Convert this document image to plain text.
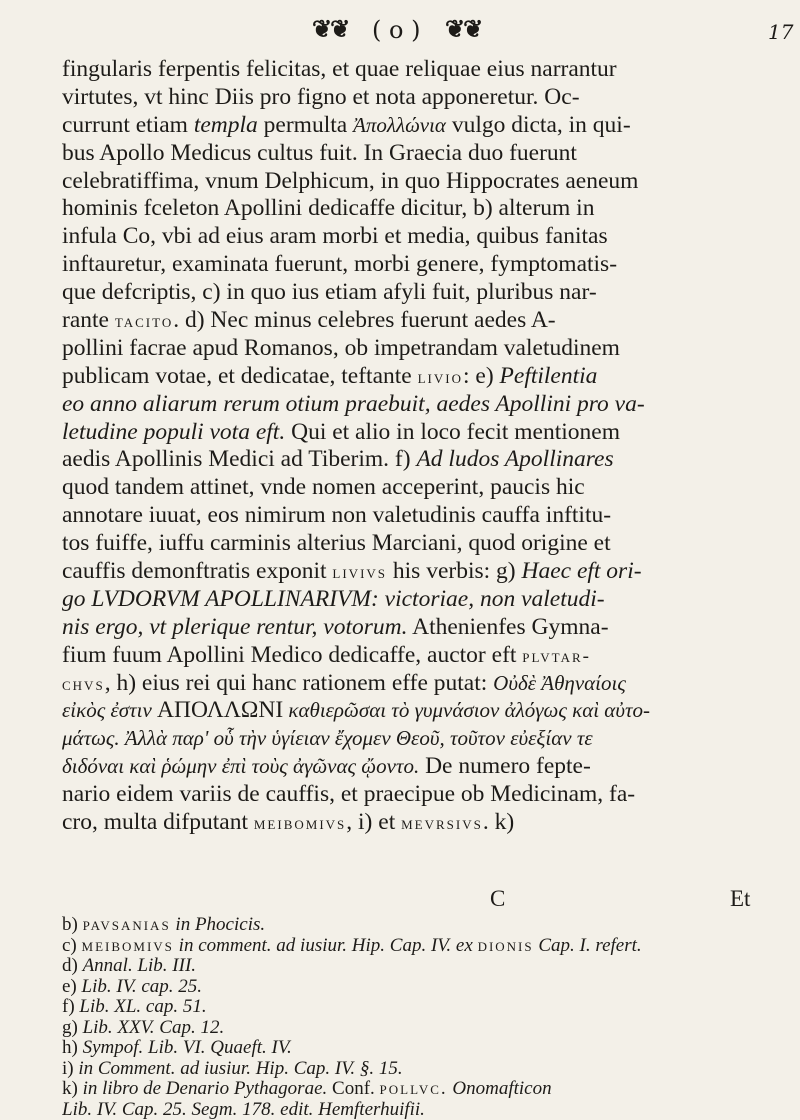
❦❦ ( o ) ❦❦	17
fingularis ferpentis felicitas, et quae reliquae eius narrantur
virtutes, vt hinc Diis pro figno et nota apponeretur. Oc-
currunt etiam templa permulta Ἀπολλώνια vulgo dicta, in qui-
bus Apollo Medicus cultus fuit. In Graecia duo fuerunt
celebratiffima, vnum Delphicum, in quo Hippocrates aeneum
hominis fceleton Apollini dedicaffe dicitur, b) alterum in
infula Co, vbi ad eius aram morbi et media, quibus fanitas
inftauretur, examinata fuerunt, morbi genere, fymptomatis-
que defcriptis, c) in quo ius etiam afyli fuit, pluribus nar-
rante tacito. d) Nec minus celebres fuerunt aedes A-
pollini facrae apud Romanos, ob impetrandam valetudinem
publicam votae, et dedicatae, teftante livio: e) Peftilentia
eo anno aliarum rerum otium praebuit, aedes Apollini pro va-
letudine populi vota eft. Qui et alio in loco fecit mentionem
aedis Apollinis Medici ad Tiberim. f) Ad ludos Apollinares
quod tandem attinet, vnde nomen acceperint, paucis hic
annotare iuuat, eos nimirum non valetudinis cauffa inftitu-
tos fuiffe, iuffu carminis alterius Marciani, quod origine et
cauffis demonftratis exponit livivs his verbis: g) Haec eft ori-
go LVDORVM APOLLINARIVM: victoriae, non valetudi-
nis ergo, vt plerique rentur, votorum. Athenienfes Gymna-
fium fuum Apollini Medico dedicaffe, auctor eft plvtar-
chvs, h) eius rei qui hanc rationem effe putat: Οὐδὲ Ἀθηναίοις
εἰκὸς ἐστιν ΑΠΟΛΛΩΝΙ καθιερῶσαι τὸ γυμνάσιον ἀλόγως καὶ αὐτο-
μάτως. Ἀλλὰ παρ' οὗ τὴν ὑγίειαν ἔχομεν Θεοῦ, τοῦτον εὐεξίαν τε
διδόναι καὶ ῥώμην ἐπὶ τοὺς ἀγῶνας ᾤοντο. De numero fepte-
nario eidem variis de cauffis, et praecipue ob Medicinam, fa-
cro, multa difputant meibomivs, i) et mevrsivs. k)
C	Et
b) pavsanias in Phocicis.
c) meibomivs in comment. ad iusiur. Hip. Cap. IV. ex dionis Cap. I. refert.
d) Annal. Lib. III.
e) Lib. IV. cap. 25.
f) Lib. XL. cap. 51.
g) Lib. XXV. Cap. 12.
h) Sympof. Lib. VI. Quaeft. IV.
i) in Comment. ad iusiur. Hip. Cap. IV. §. 15.
k) in libro de Denario Pythagorae. Conf. pollvc. Onomafticon
Lib. IV. Cap. 25. Segm. 178. edit. Hemfterhuifii.
